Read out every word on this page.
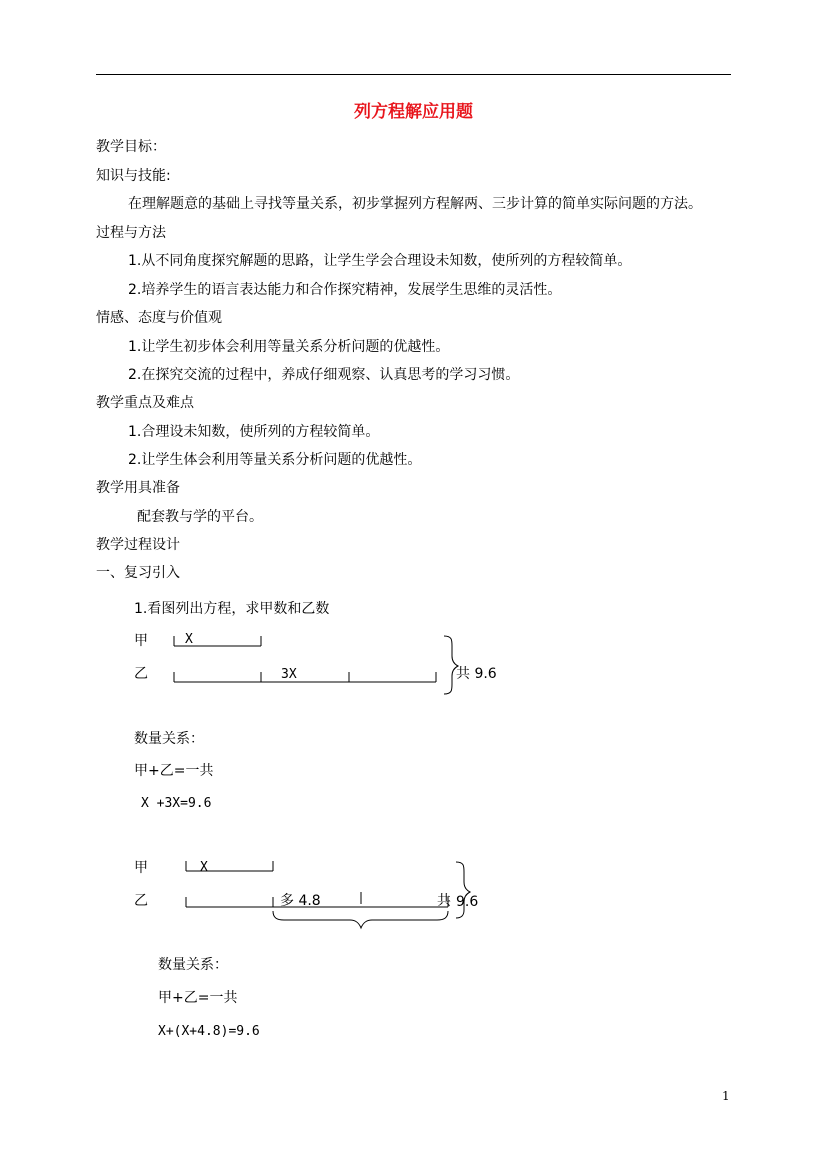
列方程解应用题
教学目标：
知识与技能:
在理解题意的基础上寻找等量关系，初步掌握列方程解两、三步计算的简单实际问题的方法。
过程与方法
1.从不同角度探究解题的思路，让学生学会合理设未知数，使所列的方程较简单。
2.培养学生的语言表达能力和合作探究精神，发展学生思维的灵活性。
情感、态度与价值观
1.让学生初步体会利用等量关系分析问题的优越性。
2.在探究交流的过程中，养成仔细观察、认真思考的学习习惯。
教学重点及难点
1.合理设未知数，使所列的方程较简单。
2.让学生体会利用等量关系分析问题的优越性。
教学用具准备
配套教与学的平台。
教学过程设计
一、复习引入
1.看图列出方程，求甲数和乙数
甲
乙
X
3X	共 9.6
数量关系：
甲+乙=一共
X +3X=9.6
甲
乙
X
多 4.8	共 9.6
数量关系：
甲+乙=一共
X+(X+4.8)=9.6
1
